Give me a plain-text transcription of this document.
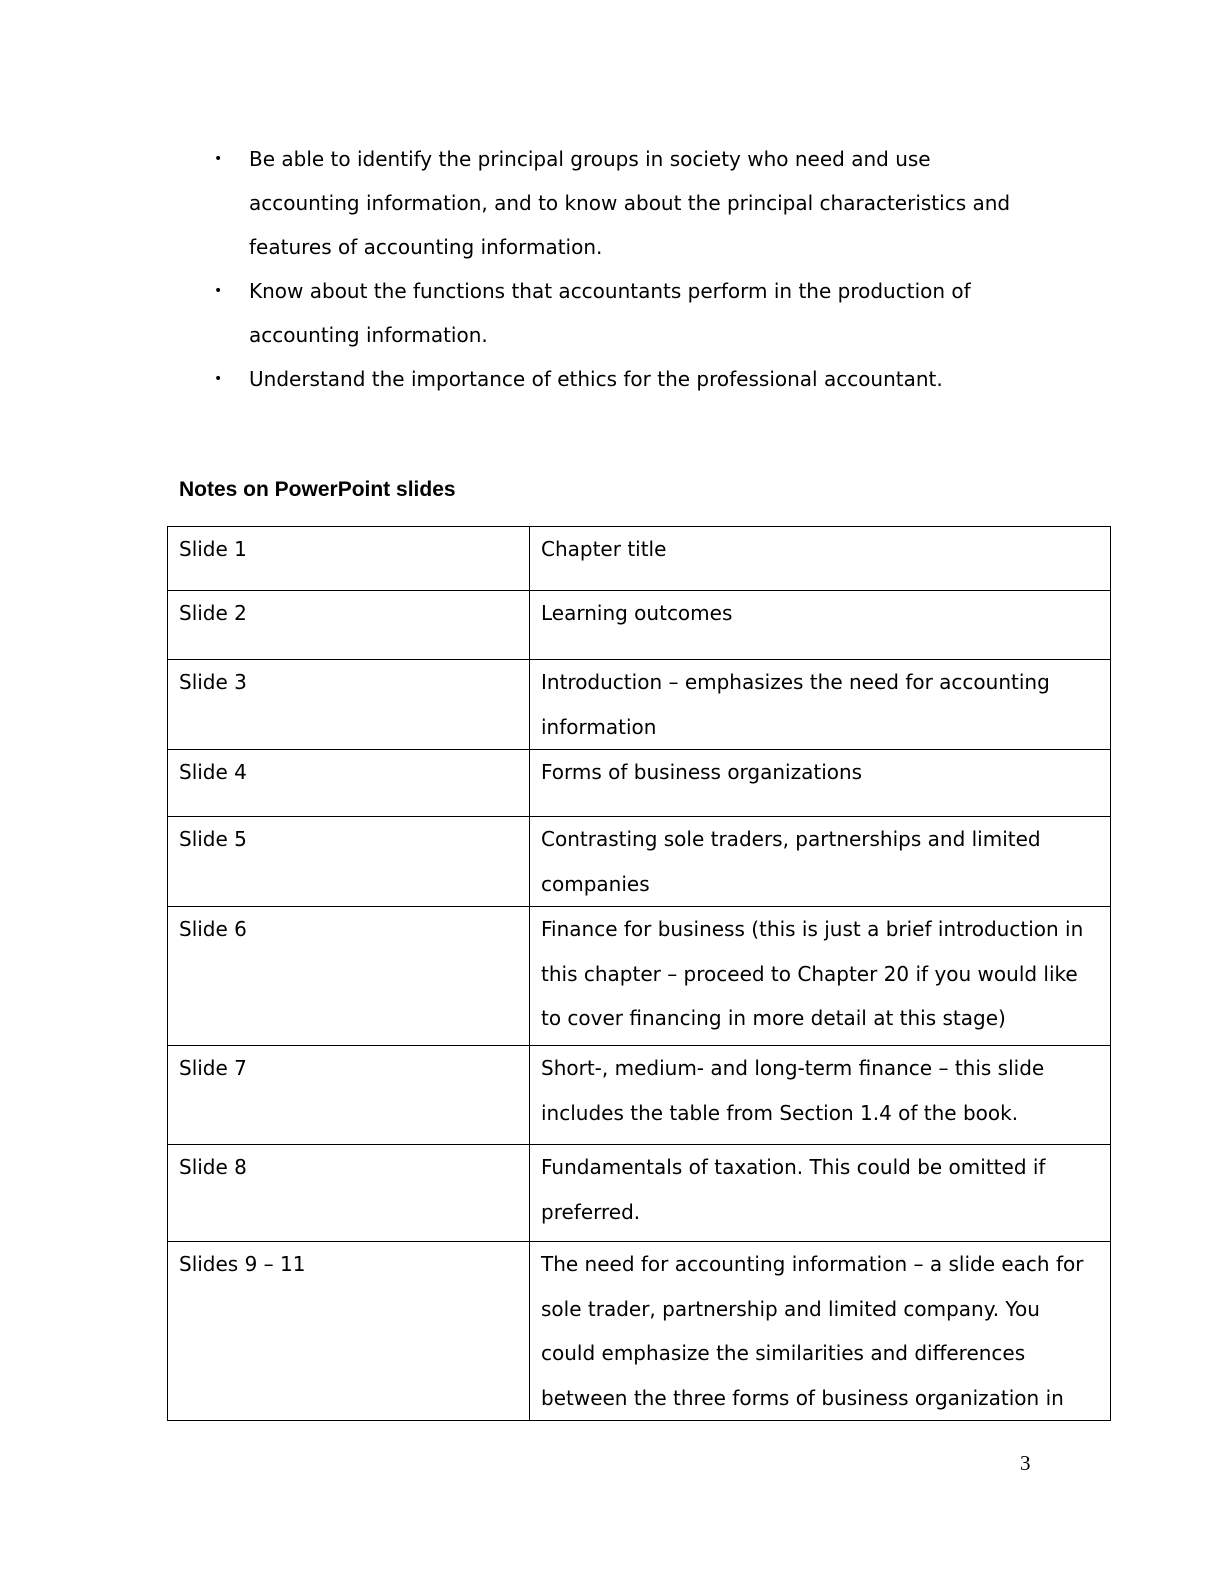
• Be able to identify the principal groups in society who need and use accounting information, and to know about the principal characteristics and features of accounting information.
• Know about the functions that accountants perform in the production of accounting information.
• Understand the importance of ethics for the professional accountant.
Notes on PowerPoint slides
Slide 1	Chapter title
Slide 2	Learning outcomes
Slide 3	Introduction – emphasizes the need for accounting information
Slide 4	Forms of business organizations
Slide 5	Contrasting sole traders, partnerships and limited companies
Slide 6	Finance for business (this is just a brief introduction in this chapter – proceed to Chapter 20 if you would like to cover financing in more detail at this stage)
Slide 7	Short-, medium- and long-term finance – this slide includes the table from Section 1.4 of the book.
Slide 8	Fundamentals of taxation. This could be omitted if preferred.
Slides 9 – 11	The need for accounting information – a slide each for sole trader, partnership and limited company. You could emphasize the similarities and differences between the three forms of business organization in
3
